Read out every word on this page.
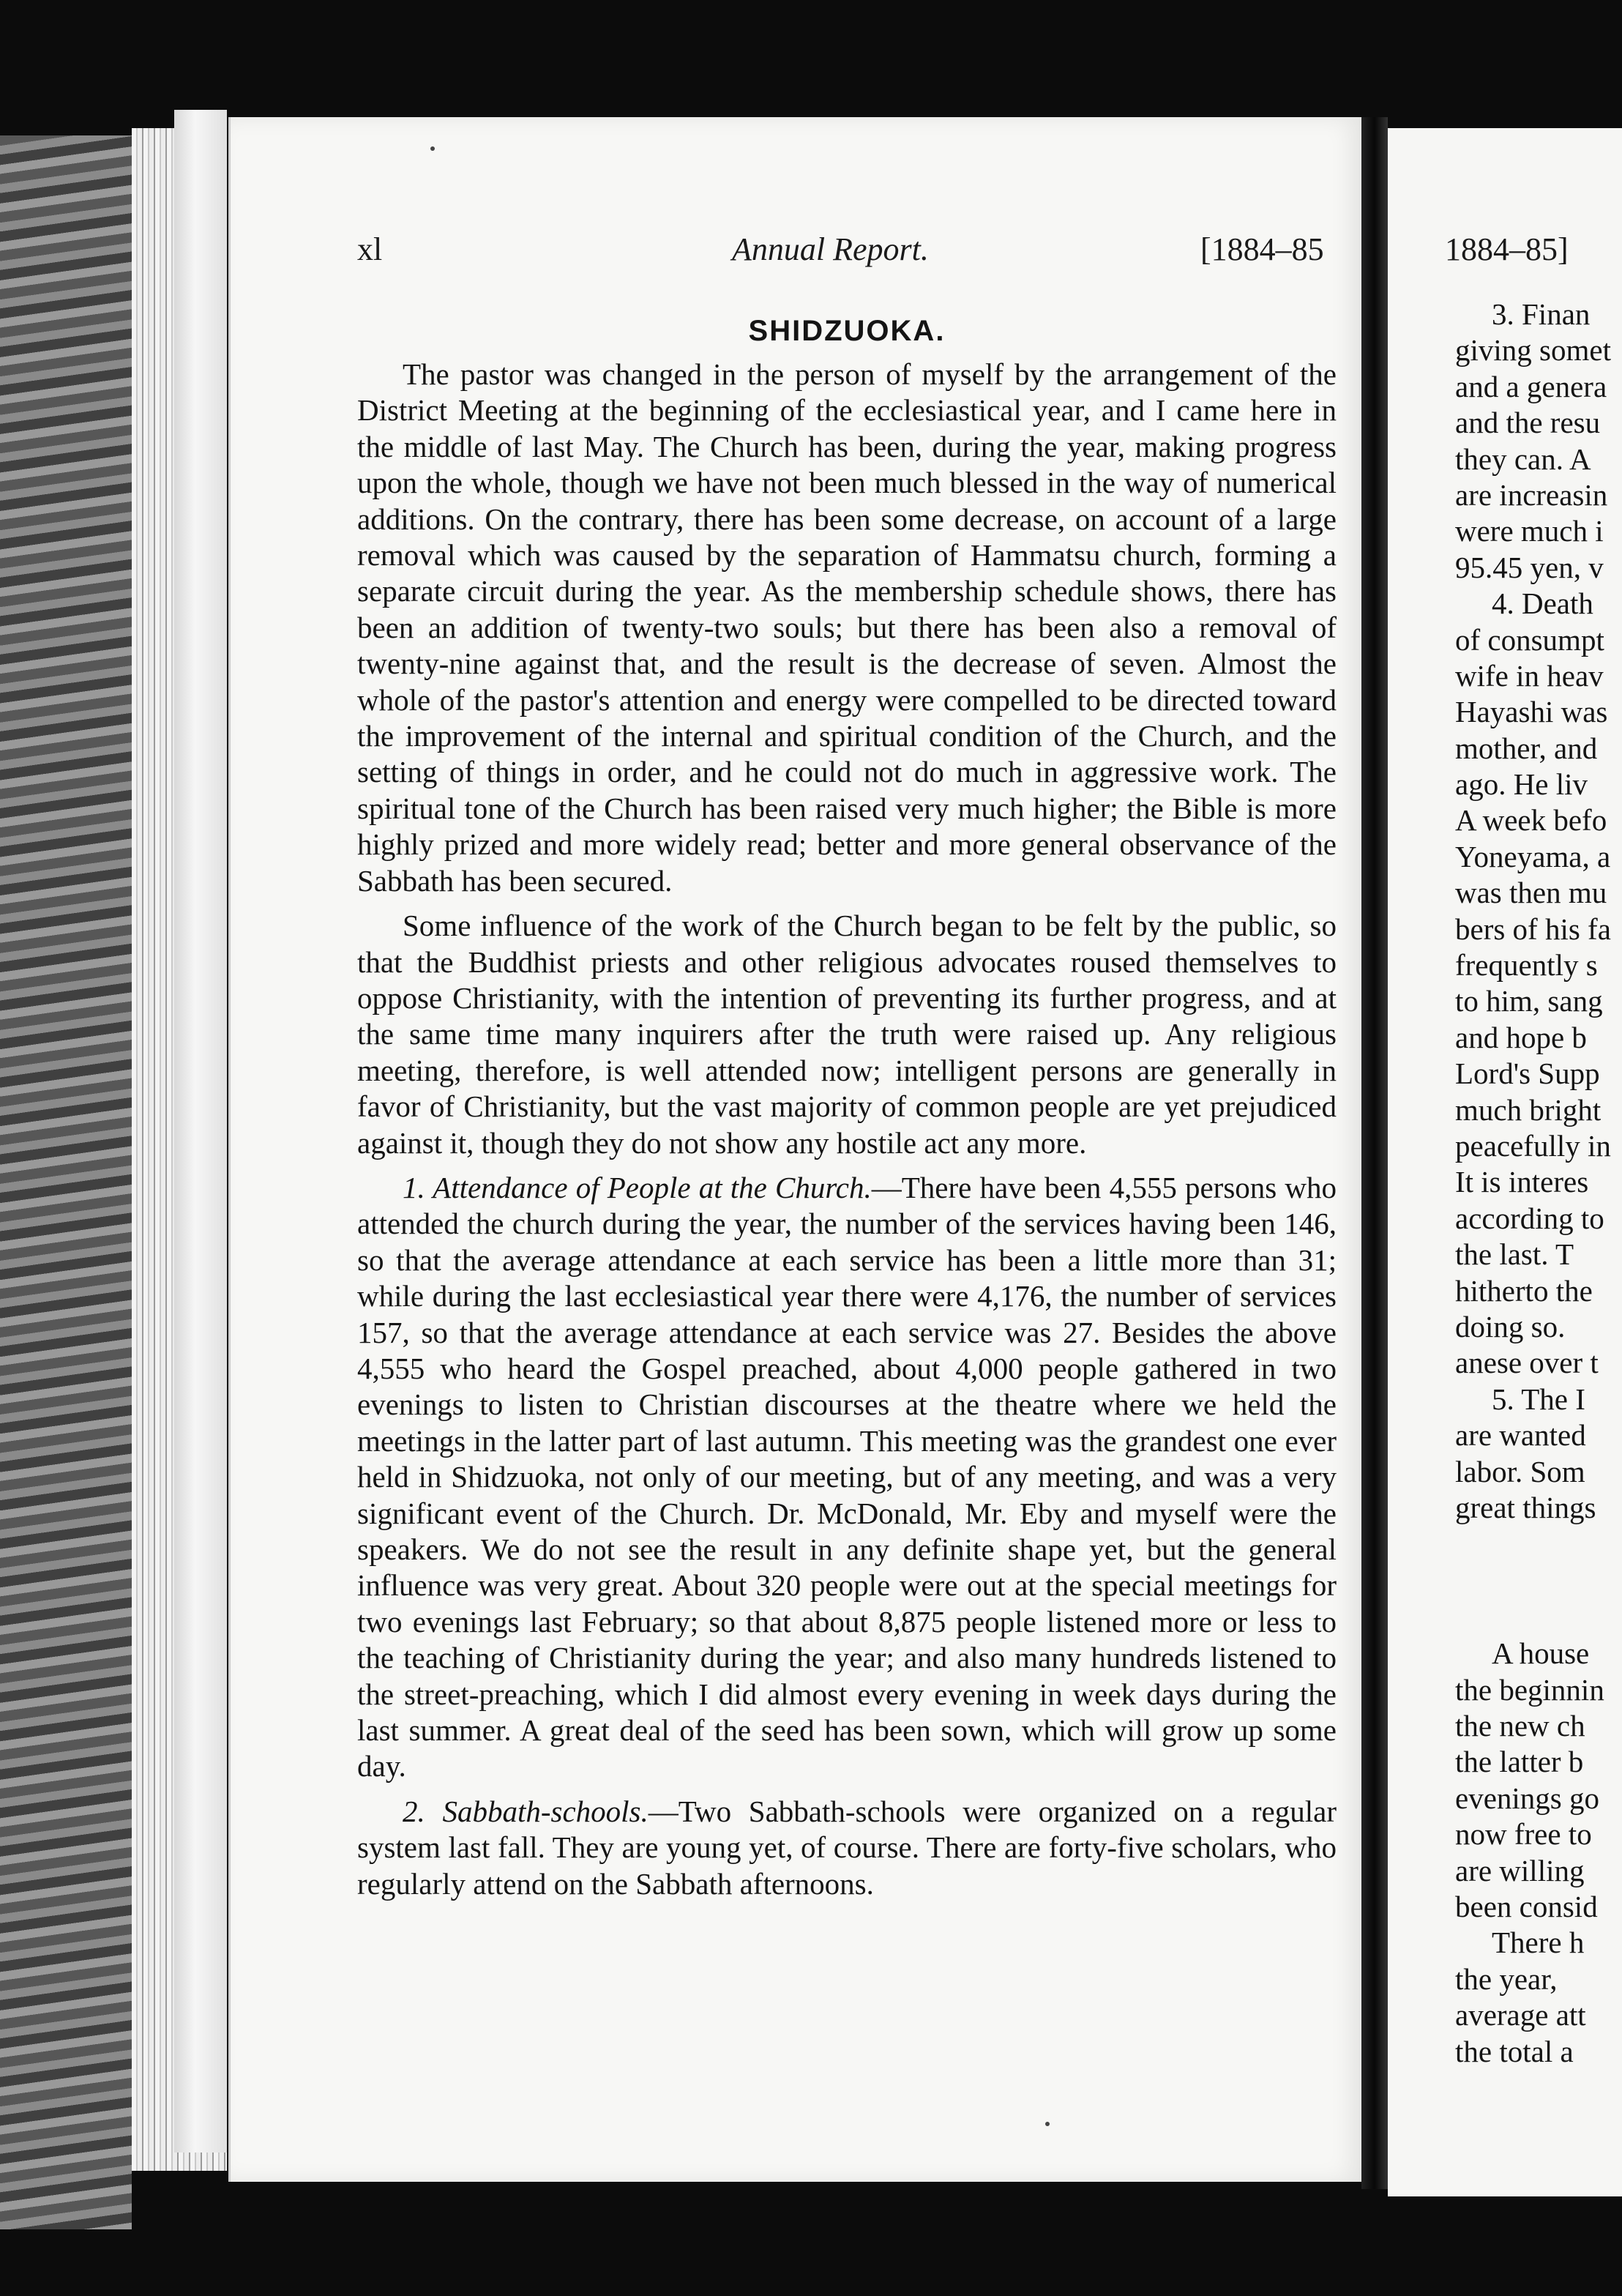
xl	Annual Report.	[1884–85
SHIDZUOKA.

The pastor was changed in the person of myself by the arrangement of the District Meeting at the beginning of the ecclesiastical year, and I came here in the middle of last May. The Church has been, during the year, making progress upon the whole, though we have not been much blessed in the way of numerical additions. On the contrary, there has been some decrease, on account of a large removal which was caused by the separation of Hammatsu church, forming a separate circuit during the year. As the membership schedule shows, there has been an addition of twenty-two souls; but there has been also a removal of twenty-nine against that, and the result is the decrease of seven. Almost the whole of the pastor's attention and energy were compelled to be directed toward the improvement of the internal and spiritual condition of the Church, and the setting of things in order, and he could not do much in aggressive work. The spiritual tone of the Church has been raised very much higher; the Bible is more highly prized and more widely read; better and more general observance of the Sabbath has been secured.

Some influence of the work of the Church began to be felt by the public, so that the Buddhist priests and other religious advocates roused themselves to oppose Christianity, with the intention of preventing its further progress, and at the same time many inquirers after the truth were raised up. Any religious meeting, therefore, is well attended now; intelligent persons are generally in favor of Christianity, but the vast majority of common people are yet prejudiced against it, though they do not show any hostile act any more.

1. Attendance of People at the Church.—There have been 4,555 persons who attended the church during the year, the number of the services having been 146, so that the average attendance at each service has been a little more than 31; while during the last ecclesiastical year there were 4,176, the number of services 157, so that the average attendance at each service was 27. Besides the above 4,555 who heard the Gospel preached, about 4,000 people gathered in two evenings to listen to Christian discourses at the theatre where we held the meetings in the latter part of last autumn. This meeting was the grandest one ever held in Shidzuoka, not only of our meeting, but of any meeting, and was a very significant event of the Church. Dr. McDonald, Mr. Eby and myself were the speakers. We do not see the result in any definite shape yet, but the general influence was very great. About 320 people were out at the special meetings for two evenings last February; so that about 8,875 people listened more or less to the teaching of Christianity during the year; and also many hundreds listened to the street-preaching, which I did almost every evening in week days during the last summer. A great deal of the seed has been sown, which will grow up some day.

2. Sabbath-schools.—Two Sabbath-schools were organized on a regular system last fall. They are young yet, of course. There are forty-five scholars, who regularly attend on the Sabbath afternoons.

1884–85]
3. Finan
giving somet
and a genera
and the resu
they can. A
are increasin
were much i
95.45 yen, v
4. Death
of consumpt
wife in heav
Hayashi was
mother, and
ago. He liv
A week befo
Yoneyama, a
was then mu
bers of his fa
frequently s
to him, sang
and hope b
Lord's Supp
much bright
peacefully in
It is interes
according to
the last. T
hitherto the
doing so.
anese over t
5. The I
are wanted
labor. Som
great things
A house
the beginnin
the new ch
the latter b
evenings go
now free to
are willing
been consid
There h
the year,
average att
the total a
